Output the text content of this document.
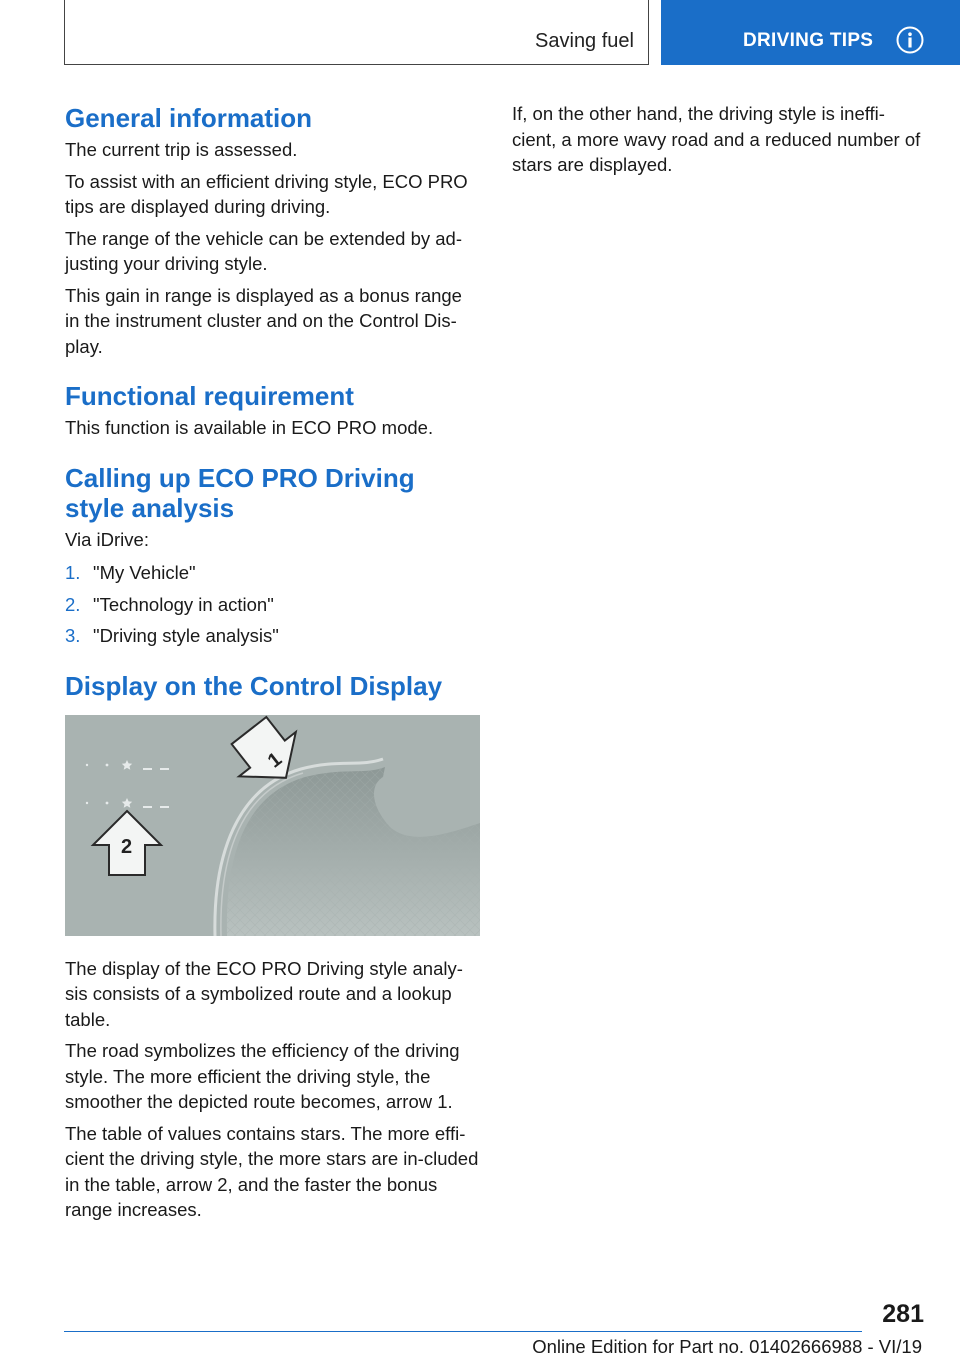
Saving fuel	DRIVING TIPS
General information

The current trip is assessed.

To assist with an efficient driving style, ECO PRO tips are displayed during driving.

The range of the vehicle can be extended by ad‐justing your driving style.

This gain in range is displayed as a bonus range in the instrument cluster and on the Control Dis‐play.

Functional requirement

This function is available in ECO PRO mode.

Calling up ECO PRO Driving style analysis

Via iDrive:

1. "My Vehicle"
2. "Technology in action"
3. "Driving style analysis"
Display on the Control Display
1
2

The display of the ECO PRO Driving style analy‐sis consists of a symbolized route and a lookup table.

The road symbolizes the efficiency of the driving style. The more efficient the driving style, the smoother the depicted route becomes, arrow 1.

The table of values contains stars. The more effi‐cient the driving style, the more stars are in‐cluded in the table, arrow 2, and the faster the bonus range increases.

If, on the other hand, the driving style is ineffi‐cient, a more wavy road and a reduced number of stars are displayed.

281
Online Edition for Part no. 01402666988 - VI/19
